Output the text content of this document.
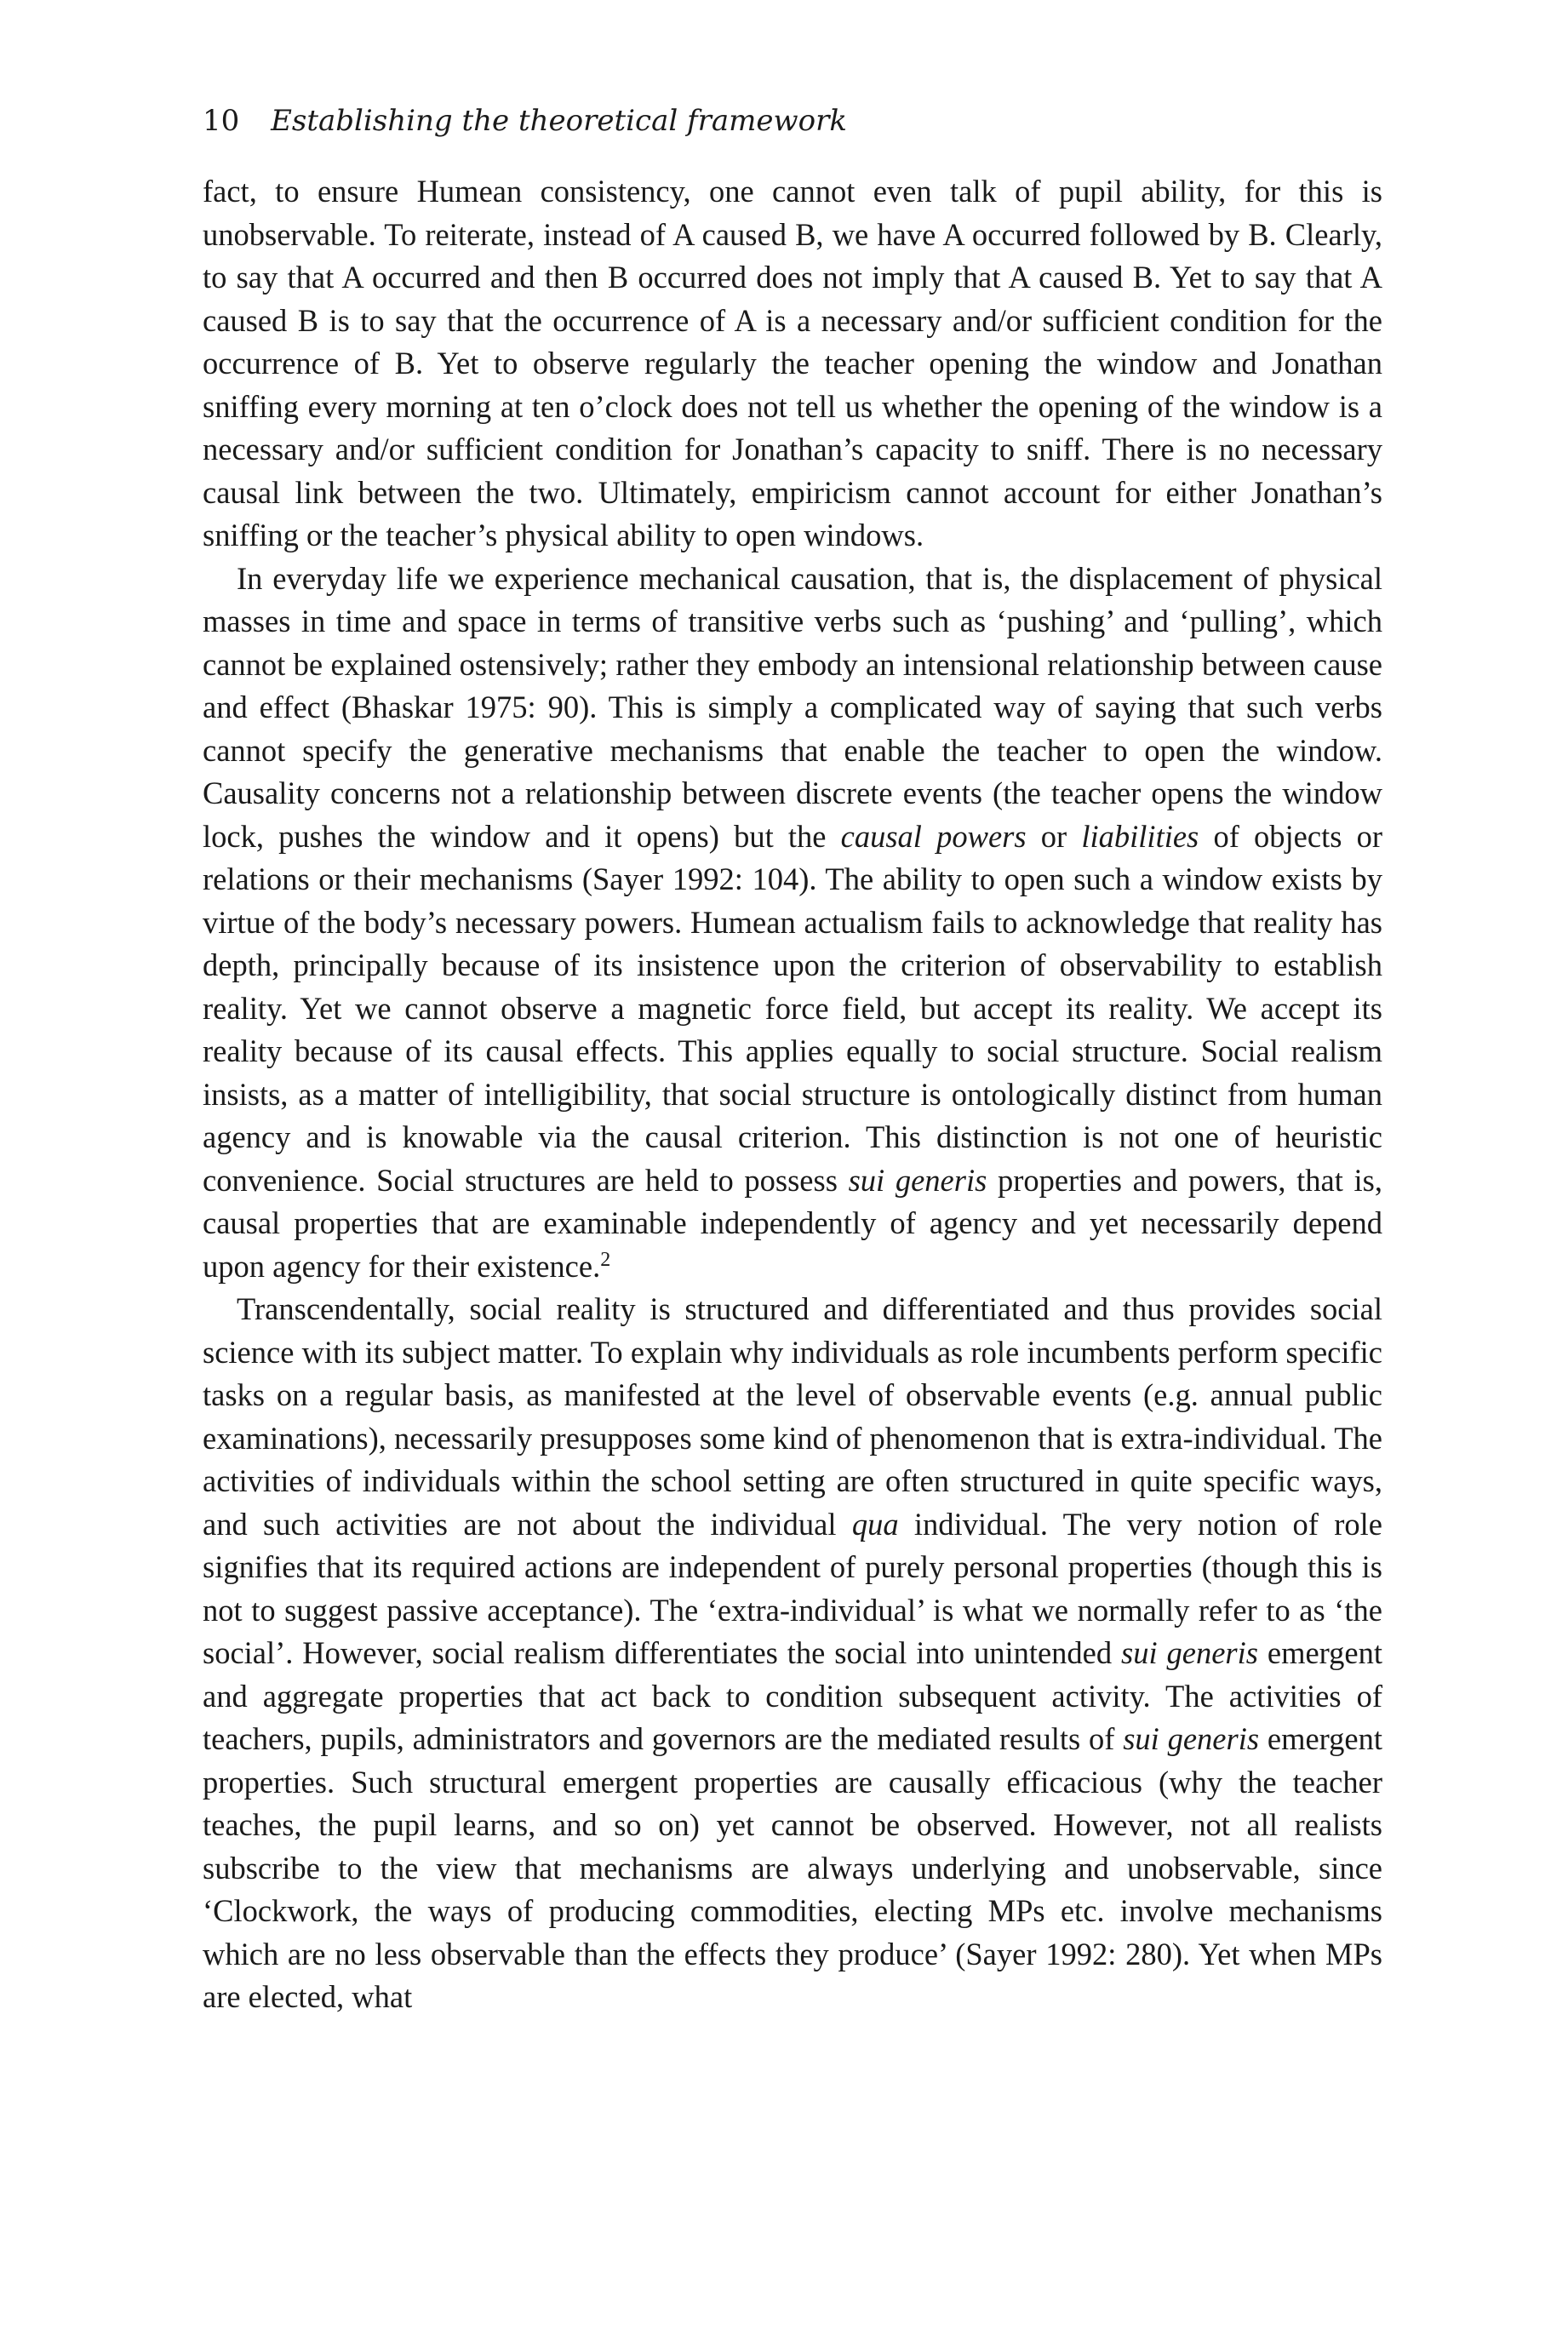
10 Establishing the theoretical framework

fact, to ensure Humean consistency, one cannot even talk of pupil ability, for this is unobservable. To reiterate, instead of A caused B, we have A occurred followed by B. Clearly, to say that A occurred and then B occurred does not imply that A caused B. Yet to say that A caused B is to say that the occurrence of A is a necessary and/or sufficient condition for the occurrence of B. Yet to observe regularly the teacher opening the window and Jonathan sniffing every morning at ten o’clock does not tell us whether the opening of the window is a necessary and/or sufficient condition for Jonathan’s capacity to sniff. There is no necessary causal link between the two. Ultimately, empiricism cannot account for either Jonathan’s sniffing or the teacher’s physical ability to open windows.

In everyday life we experience mechanical causation, that is, the displacement of physical masses in time and space in terms of transitive verbs such as ‘pushing’ and ‘pulling’, which cannot be explained ostensively; rather they embody an intensional relationship between cause and effect (Bhaskar 1975: 90). This is simply a complicated way of saying that such verbs cannot specify the generative mechanisms that enable the teacher to open the window. Causality concerns not a relationship between discrete events (the teacher opens the window lock, pushes the window and it opens) but the causal powers or liabilities of objects or relations or their mechanisms (Sayer 1992: 104). The ability to open such a window exists by virtue of the body’s necessary powers. Humean actualism fails to acknowledge that reality has depth, principally because of its insistence upon the criterion of observability to establish reality. Yet we cannot observe a magnetic force field, but accept its reality. We accept its reality because of its causal effects. This applies equally to social structure. Social realism insists, as a matter of intelligibility, that social structure is ontologically distinct from human agency and is knowable via the causal criterion. This distinction is not one of heuristic convenience. Social structures are held to possess sui generis properties and powers, that is, causal properties that are examinable independently of agency and yet necessarily depend upon agency for their existence.$^2$

Transcendentally, social reality is structured and differentiated and thus provides social science with its subject matter. To explain why individuals as role incumbents perform specific tasks on a regular basis, as manifested at the level of observable events (e.g. annual public examinations), necessarily presupposes some kind of phenomenon that is extra-individual. The activities of individuals within the school setting are often structured in quite specific ways, and such activities are not about the individual qua individual. The very notion of role signifies that its required actions are independent of purely personal properties (though this is not to suggest passive acceptance). The ‘extra-individual’ is what we normally refer to as ‘the social’. However, social realism differentiates the social into unintended sui generis emergent and aggregate properties that act back to condition subsequent activity. The activities of teachers, pupils, administrators and governors are the mediated results of sui generis emergent properties. Such structural emergent properties are causally efficacious (why the teacher teaches, the pupil learns, and so on) yet cannot be observed. However, not all realists subscribe to the view that mechanisms are always underlying and unobservable, since ‘Clockwork, the ways of producing commodities, electing MPs etc. involve mechanisms which are no less observable than the effects they produce’ (Sayer 1992: 280). Yet when MPs are elected, what
